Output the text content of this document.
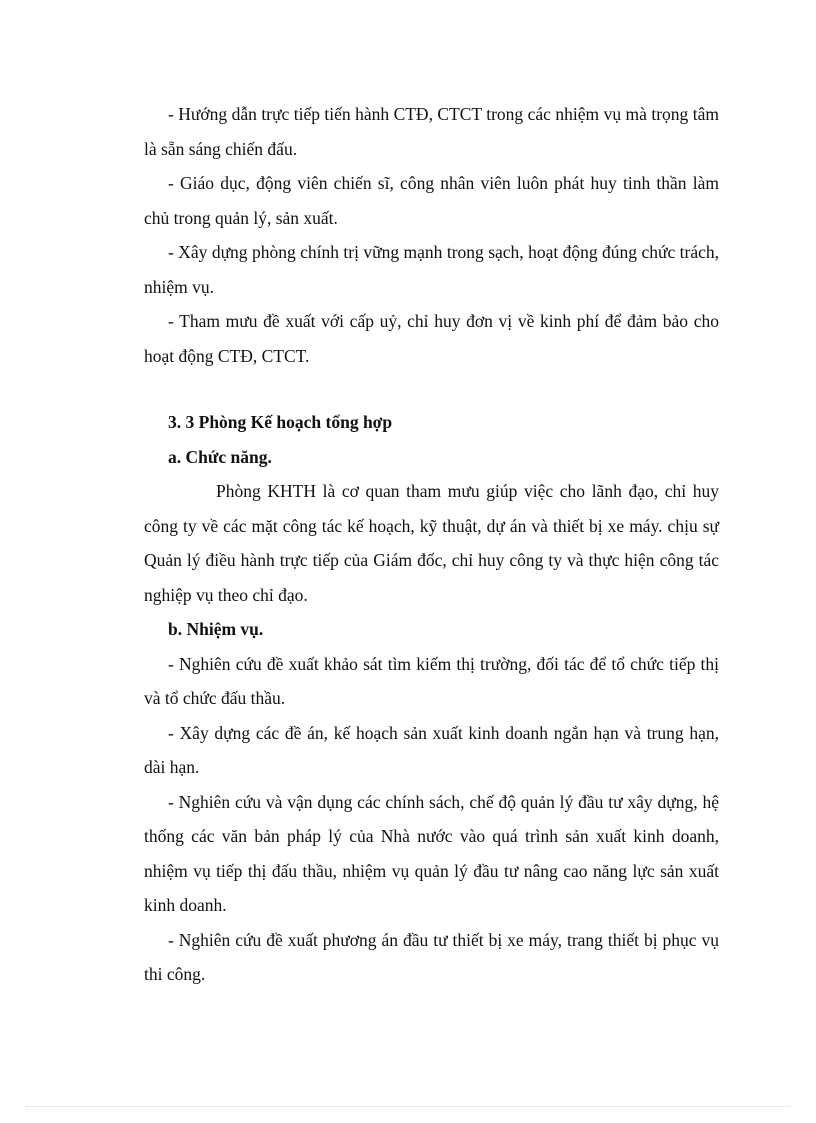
- Hướng dẫn trực tiếp tiến hành CTĐ, CTCT trong các nhiệm vụ mà trọng tâm là sẵn sáng chiến đấu.

- Giáo dục, động viên chiến sĩ, công nhân viên luôn phát huy tinh thần làm chủ trong quản lý, sản xuất.

- Xây dựng phòng chính trị vững mạnh trong sạch, hoạt động đúng chức trách, nhiệm vụ.

- Tham mưu đề xuất với cấp uỷ, chỉ huy đơn vị về kinh phí để đảm bảo cho hoạt động CTĐ, CTCT.

3. 3 Phòng Kế hoạch tổng hợp

a. Chức năng.

Phòng KHTH là cơ quan tham mưu giúp việc cho lãnh đạo, chỉ huy công ty về các mặt công tác kế hoạch, kỹ thuật, dự án và thiết bị xe máy. chịu sự Quản lý điều hành trực tiếp của Giám đốc, chỉ huy công ty và thực hiện công tác nghiệp vụ theo chỉ đạo.

b. Nhiệm vụ.

- Nghiên cứu đề xuất khảo sát tìm kiếm thị trường, đối tác để tổ chức tiếp thị và tổ chức đấu thầu.

- Xây dựng các đề án, kế hoạch sản xuất kinh doanh ngắn hạn và trung hạn, dài hạn.

- Nghiên cứu và vận dụng các chính sách, chế độ quản lý đầu tư xây dựng, hệ thống các văn bản pháp lý của Nhà nước vào quá trình sản xuất kinh doanh, nhiệm vụ tiếp thị đấu thầu, nhiệm vụ quản lý đầu tư nâng cao năng lực sản xuất kinh doanh.

- Nghiên cứu đề xuất phương án đầu tư thiết bị xe máy, trang thiết bị phục vụ thi công.
